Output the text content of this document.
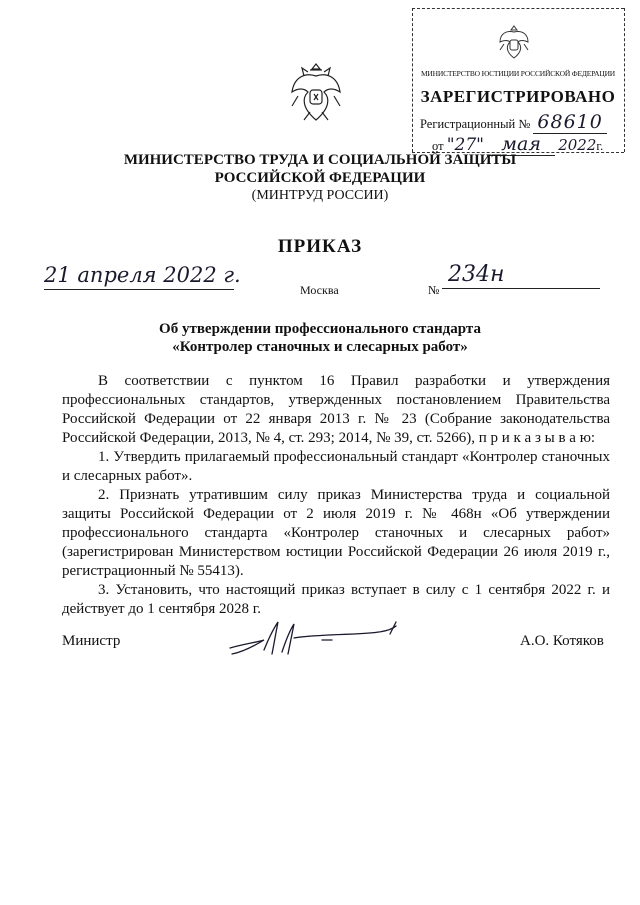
МИНИСТЕРСТВО ЮСТИЦИИ РОССИЙСКОЙ ФЕДЕРАЦИИ
ЗАРЕГИСТРИРОВАНО
Регистрационный № 68610
от "27" мая 2022г.
МИНИСТЕРСТВО ТРУДА И СОЦИАЛЬНОЙ ЗАЩИТЫ
РОССИЙСКОЙ ФЕДЕРАЦИИ
(МИНТРУД РОССИИ)
ПРИКАЗ
21 апреля 2022 г.
Москва	№
234н
Об утверждении профессионального стандарта
«Контролер станочных и слесарных работ»

В соответствии с пунктом 16 Правил разработки и утверждения профессиональных стандартов, утвержденных постановлением Правительства Российской Федерации от 22 января 2013 г. № 23 (Собрание законодательства Российской Федерации, 2013, № 4, ст. 293; 2014, № 39, ст. 5266), п р и к а з ы в а ю:

1. Утвердить прилагаемый профессиональный стандарт «Контролер станочных и слесарных работ».

2. Признать утратившим силу приказ Министерства труда и социальной защиты Российской Федерации от 2 июля 2019 г. № 468н «Об утверждении профессионального стандарта «Контролер станочных и слесарных работ» (зарегистрирован Министерством юстиции Российской Федерации 26 июля 2019 г., регистрационный № 55413).

3. Установить, что настоящий приказ вступает в силу с 1 сентября 2022 г. и действует до 1 сентября 2028 г.

Министр	А.О. Котяков
